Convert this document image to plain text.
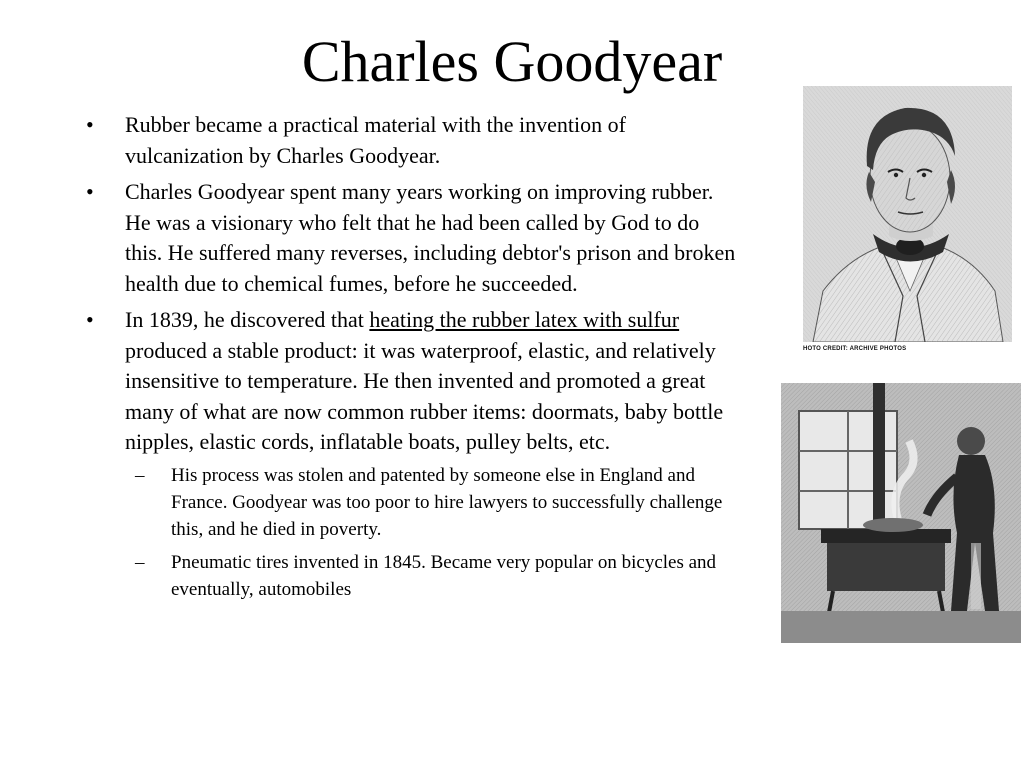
Charles Goodyear
•	Rubber became a practical material with the invention of vulcanization by Charles Goodyear.
•	Charles Goodyear spent many years working on improving rubber. He was a visionary who felt that he had been called by God to do this. He suffered many reverses, including debtor's prison and broken health due to chemical fumes, before he succeeded.
•	In 1839, he discovered that heating the rubber latex with sulfur produced a stable product: it was waterproof, elastic, and relatively insensitive to temperature. He then invented and promoted a great many of what are now common rubber items: doormats, baby bottle nipples, elastic cords, inflatable boats, pulley belts, etc.
– His process was stolen and patented by someone else in England and France. Goodyear was too poor to hire lawyers to successfully challenge this, and he died in poverty.
– Pneumatic tires invented in 1845. Became very popular on bicycles and eventually, automobiles
HOTO CREDIT: ARCHIVE PHOTOS
